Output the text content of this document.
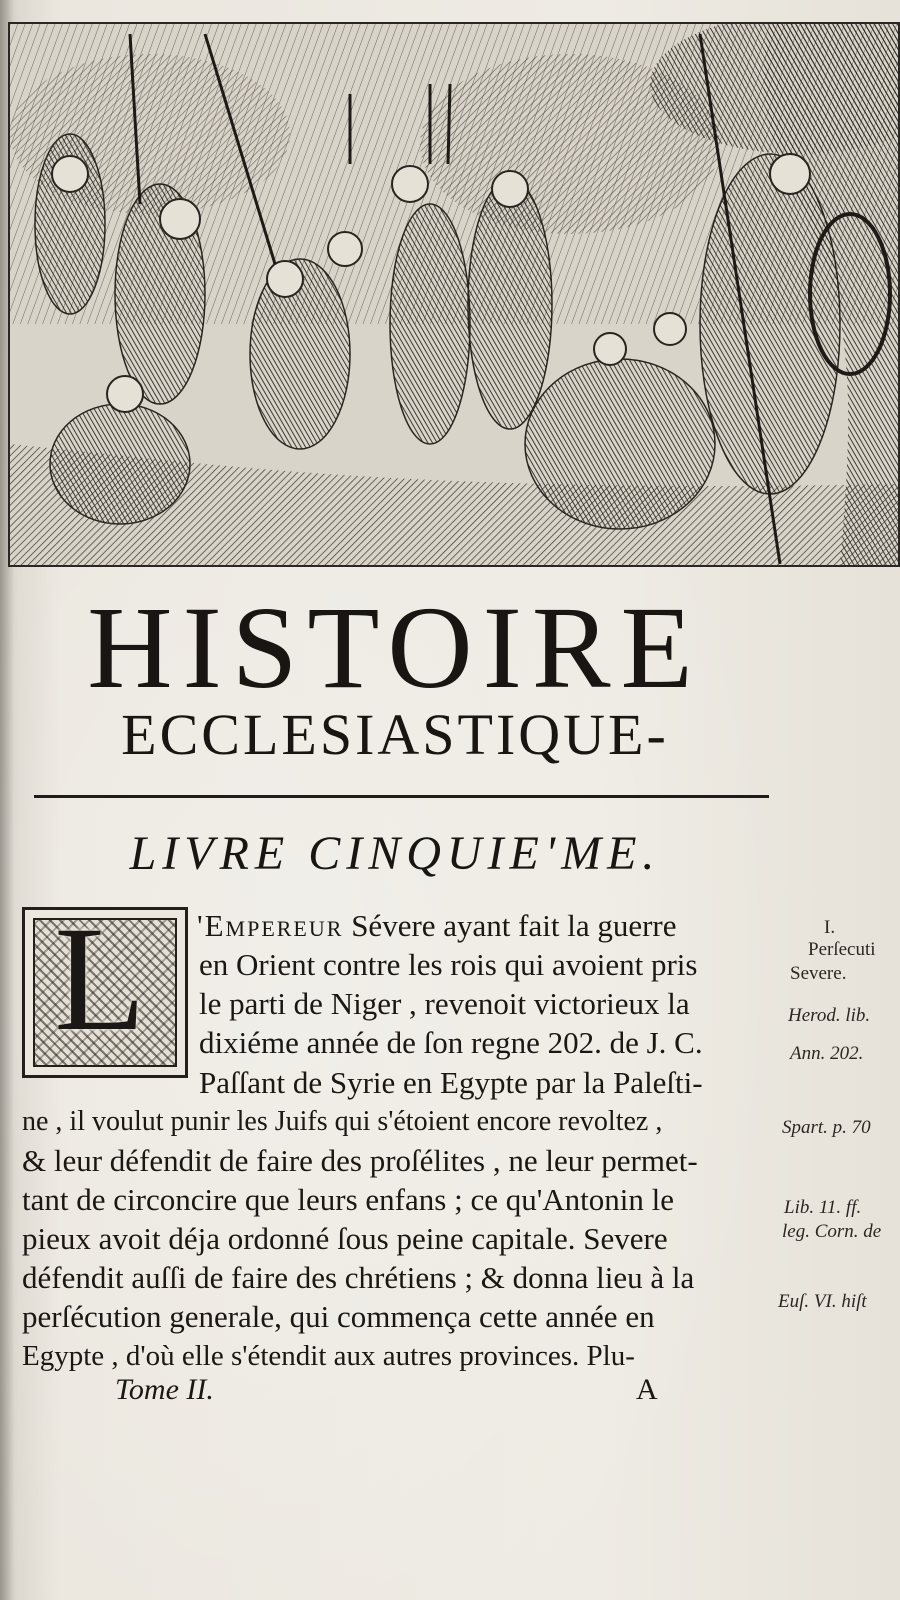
HISTOIRE
ECCLESIASTIQUE-
LIVRE CINQUIE'ME.
L	'Empereur Sévere ayant fait la guerre
en Orient contre les rois qui avoient pris
le parti de Niger , revenoit victorieux la
dixiéme année de ſon regne 202. de J. C.
Paſſant de Syrie en Egypte par la Paleſti-
ne , il voulut punir les Juifs qui s'étoient encore revoltez ,
& leur défendit de faire des proſélites , ne leur permet-
tant de circoncire que leurs enfans ; ce qu'Antonin le
pieux avoit déja ordonné ſous peine capitale. Severe
défendit auſſi de faire des chrétiens ; & donna lieu à la
perſécution generale, qui commença cette année en
Egypte , d'où elle s'étendit aux autres provinces. Plu-
Tome II.	A
I.
Perſecuti
Severe.
Herod. lib.
Ann. 202.
Spart. p. 70
Lib. 11. ff.
leg. Corn. de
Euſ. VI. hiſt
